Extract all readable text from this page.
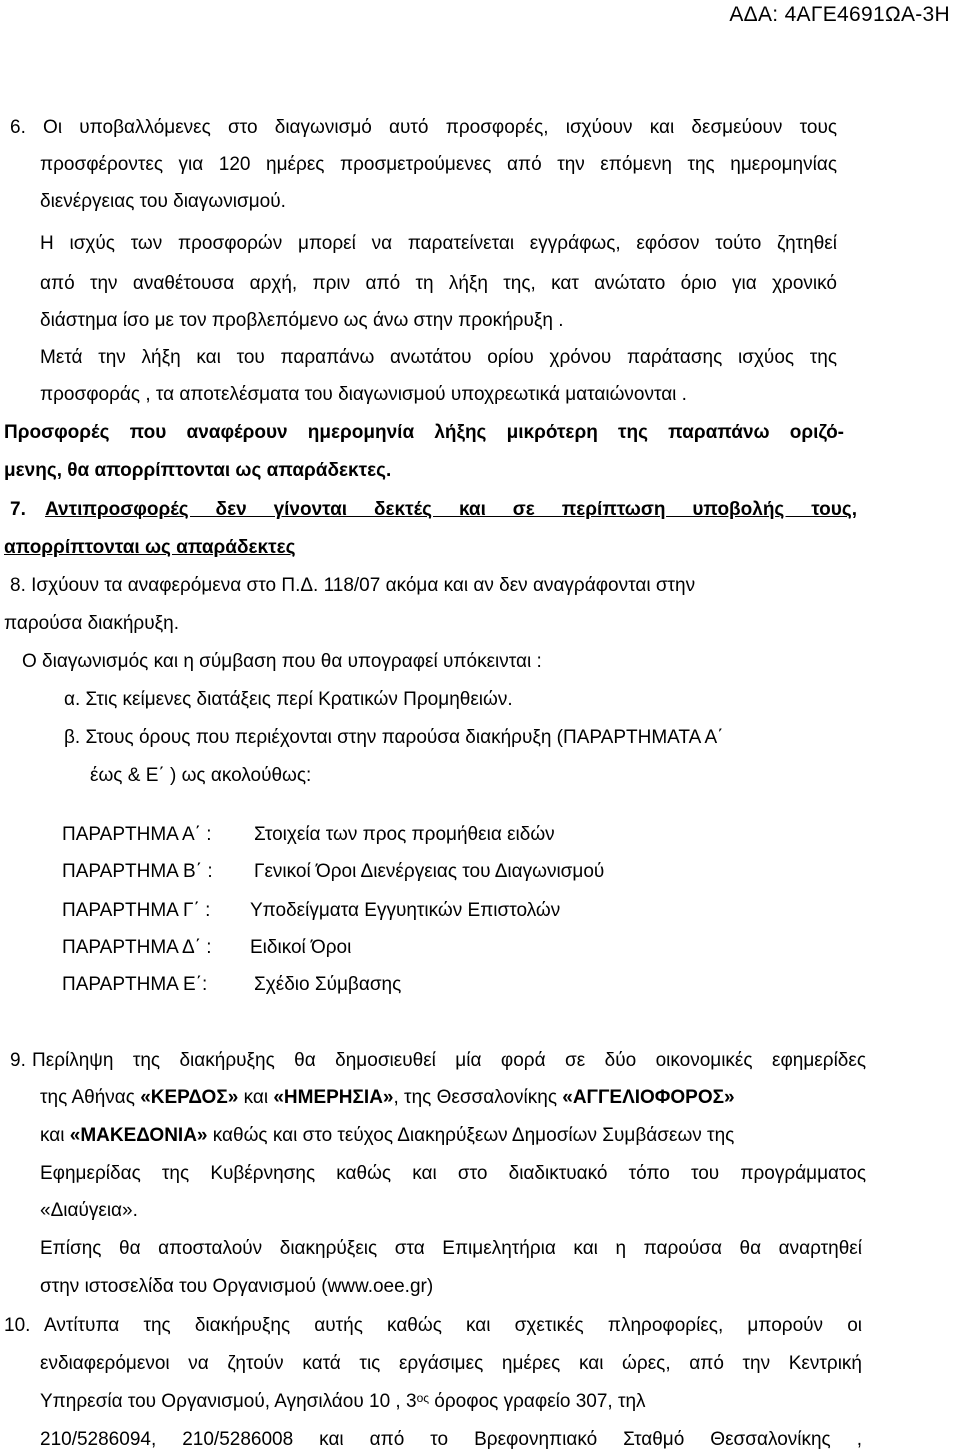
ΑΔΑ: 4ΑΓΕ4691ΩΑ-3Η
6. Οι υποβαλλόμενες στο διαγωνισμό αυτό προσφορές, ισχύουν και δεσμεύουν τους
προσφέροντες για 120 ημέρες προσμετρούμενες από την επόμενη της ημερομηνίας
διενέργειας του διαγωνισμού.
Η ισχύς των προσφορών μπορεί να παρατείνεται εγγράφως, εφόσον τούτο ζητηθεί
από την αναθέτουσα αρχή, πριν από τη λήξη της, κατ ανώτατο όριο για χρονικό
διάστημα ίσο με τον προβλεπόμενο ως άνω στην προκήρυξη .
Μετά την λήξη και του παραπάνω ανωτάτου ορίου χρόνου παράτασης ισχύος της
προσφοράς , τα αποτελέσματα του διαγωνισμού υποχρεωτικά ματαιώνονται .
Προσφορές που αναφέρουν ημερομηνία λήξης μικρότερη της παραπάνω οριζό-
μενης, θα απορρίπτονται ως απαράδεκτες.
7. Αντιπροσφορές δεν γίνονται δεκτές και σε περίπτωση υποβολής τους,
απορρίπτονται ως απαράδεκτες
8. Ισχύουν τα αναφερόμενα στο Π.Δ. 118/07 ακόμα και αν δεν αναγράφονται στην
παρούσα διακήρυξη.
Ο διαγωνισμός και η σύμβαση που θα υπογραφεί υπόκεινται :
α. Στις κείμενες διατάξεις περί Κρατικών Προμηθειών.
β. Στους όρους που περιέχονται στην παρούσα διακήρυξη (ΠΑΡΑΡΤΗΜΑΤΑ Α΄
έως & Ε΄ ) ως ακολούθως:
ΠΑΡΑΡΤΗΜΑ Α΄ : Στοιχεία των προς προμήθεια ειδών
ΠΑΡΑΡΤΗΜΑ Β΄ : Γενικοί Όροι Διενέργειας του Διαγωνισμού
ΠΑΡΑΡΤΗΜΑ Γ΄ : Υποδείγματα Εγγυητικών Επιστολών
ΠΑΡΑΡΤΗΜΑ Δ΄ : Ειδικοί Όροι
ΠΑΡΑΡΤΗΜΑ Ε΄: Σχέδιο Σύμβασης
9. Περίληψη της διακήρυξης θα δημοσιευθεί μία φορά σε δύο οικονομικές εφημερίδες
της Αθήνας «ΚΕΡΔΟΣ» και «ΗΜΕΡΗΣΙΑ», της Θεσσαλονίκης «ΑΓΓΕΛΙΟΦΟΡΟΣ»
και «ΜΑΚΕΔΟΝΙΑ» καθώς και στο τεύχος Διακηρύξεων Δημοσίων Συμβάσεων της
Εφημερίδας της Κυβέρνησης καθώς και στο διαδικτυακό τόπο του προγράμματος
«Διαύγεια».
Επίσης θα αποσταλούν διακηρύξεις στα Επιμελητήρια και η παρούσα θα αναρτηθεί
στην ιστοσελίδα του Οργανισμού (www.oee.gr)
10. Αντίτυπα της διακήρυξης αυτής καθώς και σχετικές πληροφορίες, μπορούν οι
ενδιαφερόμενοι να ζητούν κατά τις εργάσιμες ημέρες και ώρες, από την Κεντρική
Υπηρεσία του Οργανισμού, Αγησιλάου 10 , $3^{o\varsigma}$ όροφος γραφείο 307, τηλ
210/5286094, 210/5286008 και από το Βρεφονηπιακό Σταθμό Θεσσαλονίκης ,
